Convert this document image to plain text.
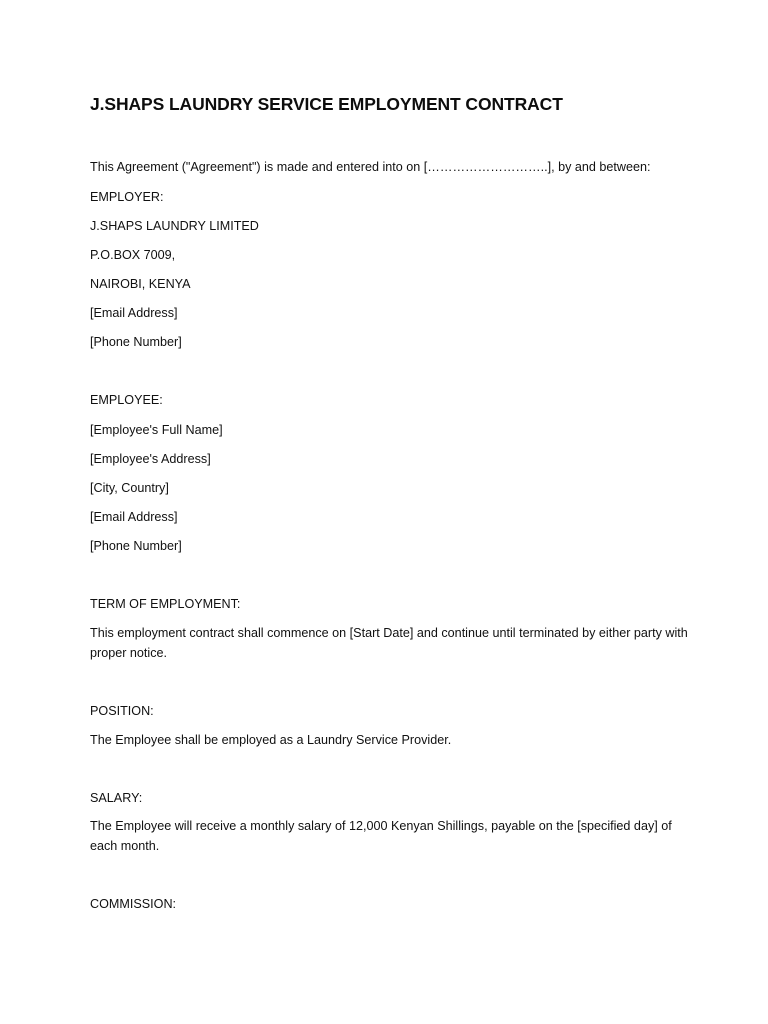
J.SHAPS LAUNDRY SERVICE EMPLOYMENT CONTRACT

This Agreement ("Agreement") is made and entered into on [………………………..], by and between:

EMPLOYER:

J.SHAPS LAUNDRY LIMITED

P.O.BOX 7009,

NAIROBI, KENYA

[Email Address]

[Phone Number]

EMPLOYEE:

[Employee's Full Name]

[Employee's Address]

[City, Country]

[Email Address]

[Phone Number]

TERM OF EMPLOYMENT:

This employment contract shall commence on [Start Date] and continue until terminated by either party with proper notice.

POSITION:

The Employee shall be employed as a Laundry Service Provider.

SALARY:

The Employee will receive a monthly salary of 12,000 Kenyan Shillings, payable on the [specified day] of each month.

COMMISSION:
